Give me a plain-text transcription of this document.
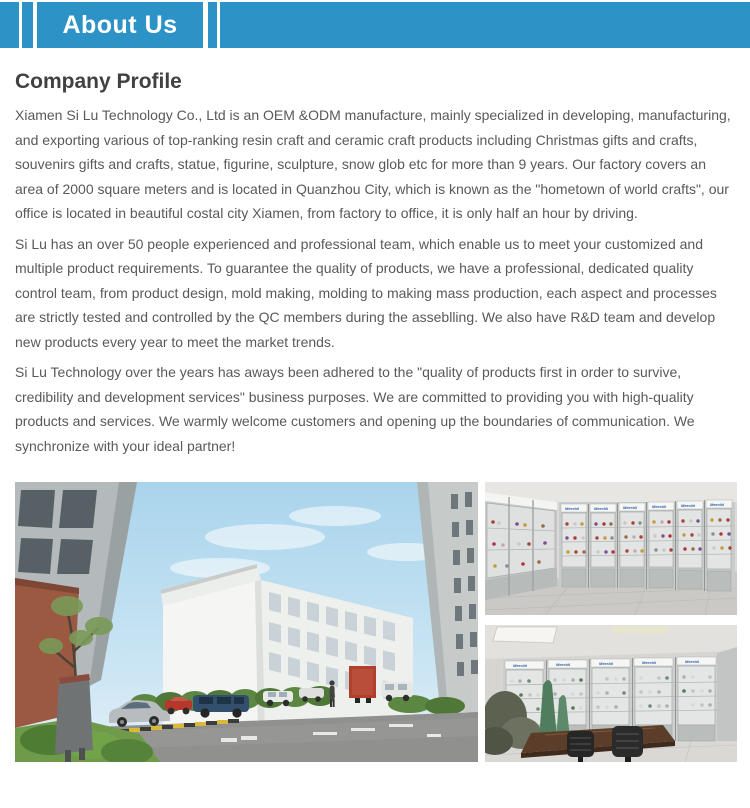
About Us
Company Profile

Xiamen Si Lu Technology Co., Ltd is an OEM &ODM manufacture, mainly specialized in developing, manufacturing, and exporting various of top-ranking resin craft and ceramic craft products including Christmas gifts and crafts, souvenirs gifts and crafts, statue, figurine, sculpture, snow glob etc for more than 9 years. Our factory covers an area of 2000 square meters and is located in Quanzhou City, which is known as the "hometown of world crafts", our office is located in beautiful costal city Xiamen, from factory to office, it is only half an hour by driving.

Si Lu has an over 50 people experienced and professional team, which enable us to meet your customized and multiple product requirements. To guarantee the quality of products, we have a professional, dedicated quality control team, from product design, mold making, molding to making mass production, each aspect and processes are strictly tested and controlled by the QC members during the asseblling. We also have R&D team and develop new products every year to meet the market trends.

Si Lu Technology over the years has aways been adhered to the "quality of products first in order to survive, credibility and development services" business purposes. We are committed to providing you with high-quality products and services. We warmly welcome customers and opening up the boundaries of communication. We synchronize with your ideal partner!

Meerbii	Meerbii	Meerbii	Meerbii	Meerbii	Meerbii
Meerbii	Meerbii	Meerbii	Meerbii	Meerbii
